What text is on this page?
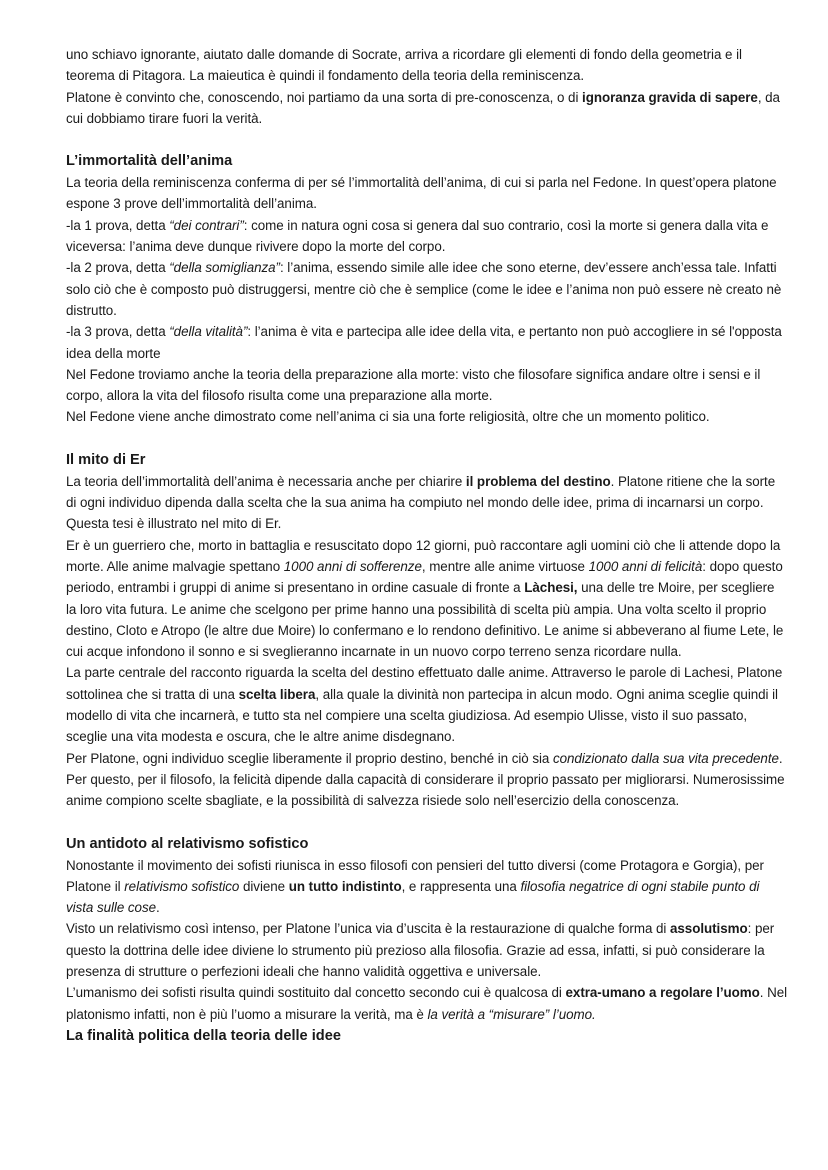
uno schiavo ignorante, aiutato dalle domande di Socrate, arriva a ricordare gli elementi di fondo della geometria e il teorema di Pitagora. La maieutica è quindi il fondamento della teoria della reminiscenza.
Platone è convinto che, conoscendo, noi partiamo da una sorta di pre-conoscenza, o di ignoranza gravida di sapere, da cui dobbiamo tirare fuori la verità.

L’immortalità dell’anima

La teoria della reminiscenza conferma di per sé l’immortalità dell’anima, di cui si parla nel Fedone. In quest’opera platone espone 3 prove dell’immortalità dell’anima.

-la 1 prova, detta “dei contrari”: come in natura ogni cosa si genera dal suo contrario, così la morte si genera dalla vita e viceversa: l’anima deve dunque rivivere dopo la morte del corpo.

-la 2 prova, detta “della somiglianza”: l’anima, essendo simile alle idee che sono eterne, dev’essere anch’essa tale. Infatti solo ciò che è composto può distruggersi, mentre ciò che è semplice (come le idee e l’anima non può essere nè creato nè distrutto.

-la 3 prova, detta “della vitalità”: l’anima è vita e partecipa alle idee della vita, e pertanto non può accogliere in sé l'opposta idea della morte

Nel Fedone troviamo anche la teoria della preparazione alla morte: visto che filosofare significa andare oltre i sensi e il corpo, allora la vita del filosofo risulta come una preparazione alla morte.

Nel Fedone viene anche dimostrato come nell’anima ci sia una forte religiosità, oltre che un momento politico.

Il mito di Er

La teoria dell’immortalità dell’anima è necessaria anche per chiarire il problema del destino. Platone ritiene che la sorte di ogni individuo dipenda dalla scelta che la sua anima ha compiuto nel mondo delle idee, prima di incarnarsi un corpo. Questa tesi è illustrato nel mito di Er.

Er è un guerriero che, morto in battaglia e resuscitato dopo 12 giorni, può raccontare agli uomini ciò che li attende dopo la morte. Alle anime malvagie spettano 1000 anni di sofferenze, mentre alle anime virtuose 1000 anni di felicità: dopo questo periodo, entrambi i gruppi di anime si presentano in ordine casuale di fronte a Làchesi, una delle tre Moire, per scegliere la loro vita futura. Le anime che scelgono per prime hanno una possibilità di scelta più ampia. Una volta scelto il proprio destino, Cloto e Atropo (le altre due Moire) lo confermano e lo rendono definitivo. Le anime si abbeverano al fiume Lete, le cui acque infondono il sonno e si sveglieranno incarnate in un nuovo corpo terreno senza ricordare nulla.

La parte centrale del racconto riguarda la scelta del destino effettuato dalle anime. Attraverso le parole di Lachesi, Platone sottolinea che si tratta di una scelta libera, alla quale la divinità non partecipa in alcun modo. Ogni anima sceglie quindi il modello di vita che incarnerà, e tutto sta nel compiere una scelta giudiziosa. Ad esempio Ulisse, visto il suo passato, sceglie una vita modesta e oscura, che le altre anime disdegnano.

Per Platone, ogni individuo sceglie liberamente il proprio destino, benché in ciò sia condizionato dalla sua vita precedente. Per questo, per il filosofo, la felicità dipende dalla capacità di considerare il proprio passato per migliorarsi. Numerosissime anime compiono scelte sbagliate, e la possibilità di salvezza risiede solo nell’esercizio della conoscenza.

Un antidoto al relativismo sofistico

Nonostante il movimento dei sofisti riunisca in esso filosofi con pensieri del tutto diversi (come Protagora e Gorgia), per Platone il relativismo sofistico diviene un tutto indistinto, e rappresenta una filosofia negatrice di ogni stabile punto di vista sulle cose.

Visto un relativismo così intenso, per Platone l’unica via d’uscita è la restaurazione di qualche forma di assolutismo: per questo la dottrina delle idee diviene lo strumento più prezioso alla filosofia. Grazie ad essa, infatti, si può considerare la presenza di strutture o perfezioni ideali che hanno validità oggettiva e universale.

L’umanismo dei sofisti risulta quindi sostituito dal concetto secondo cui è qualcosa di extra-umano a regolare l’uomo. Nel platonismo infatti, non è più l’uomo a misurare la verità, ma è la verità a “misurare” l’uomo.

La finalità politica della teoria delle idee
